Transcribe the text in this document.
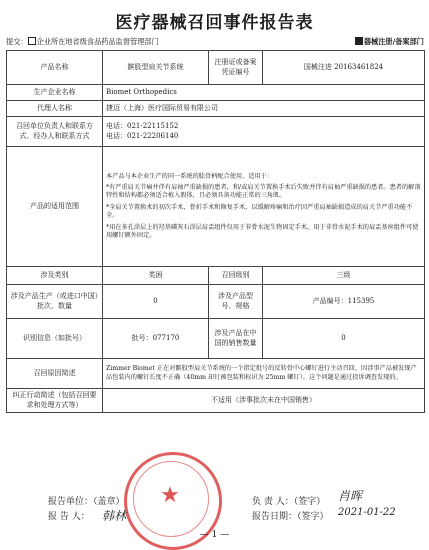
医疗器械召回事件报告表
提交： 企业所在地省级食品药品监督管理部门	器械注册/备案部门
产品名称	髌股型肩关节系统	注册证或备案凭证编号	国械注进 20163461824
生产企业名称	Biomet Orthopedics		
代理人名称	捷迈（上海）医疗国际贸易有限公司		
召回单位负责人和联系方式、经办人和联系方式	电话：021-22115152
电话：021-22206140		

产品的适用范围	本产品与本企业生产的同一系统的肱骨柄配合使用，适用于：

*有严重肩关节痛并伴有肩袖严重缺损的患者，和/或肩关节置换手术后失败并伴有肩袖严重缺损的患者。患者的解剖特性和结构都必须适合植入假体，且必须具备功能正常的三角肌。

*全肩关节置换术的初次手术，骨折手术和修复手术，以缓解疼痛和治疗因严重肩袖缺损造成的肩关节严重功能不全。

*用在多孔涂层上的羟基磷灰石涂层肩盂组件仅用于非骨水泥生物固定手术，用于非骨水泥手术的肩盂基座组件可使用螺钉额外固定。		

涉及类别	类困	召回级别	三级
涉及产品生产（或进口中国）批次、数量	0	涉及产品型号、规格	产品编号：115395
识别信息（如批号）	批号：077170	涉及产品在中国的销售数量	0
召回原因简述	Zimmer Biomet 正在对髌股型肩关节系统的一个指定批号的反转骨中心螺钉进行主动召回，因涉事产品被发现产品包装内的螺钉长度不正确（40mm 却钉被包装和标识为 25mm 螺钉）。这个问题是通过投诉调查发现的。		
纠正行动简述（包括召回要求和处理方式等）	不适用（涉事批次未在中国销售）		
★
报告单位：（盖章）
报 告 人： 韩林
负 责 人：（签字） 肖晖
报告日期：（签字） 2021-01-22
— 1 —
